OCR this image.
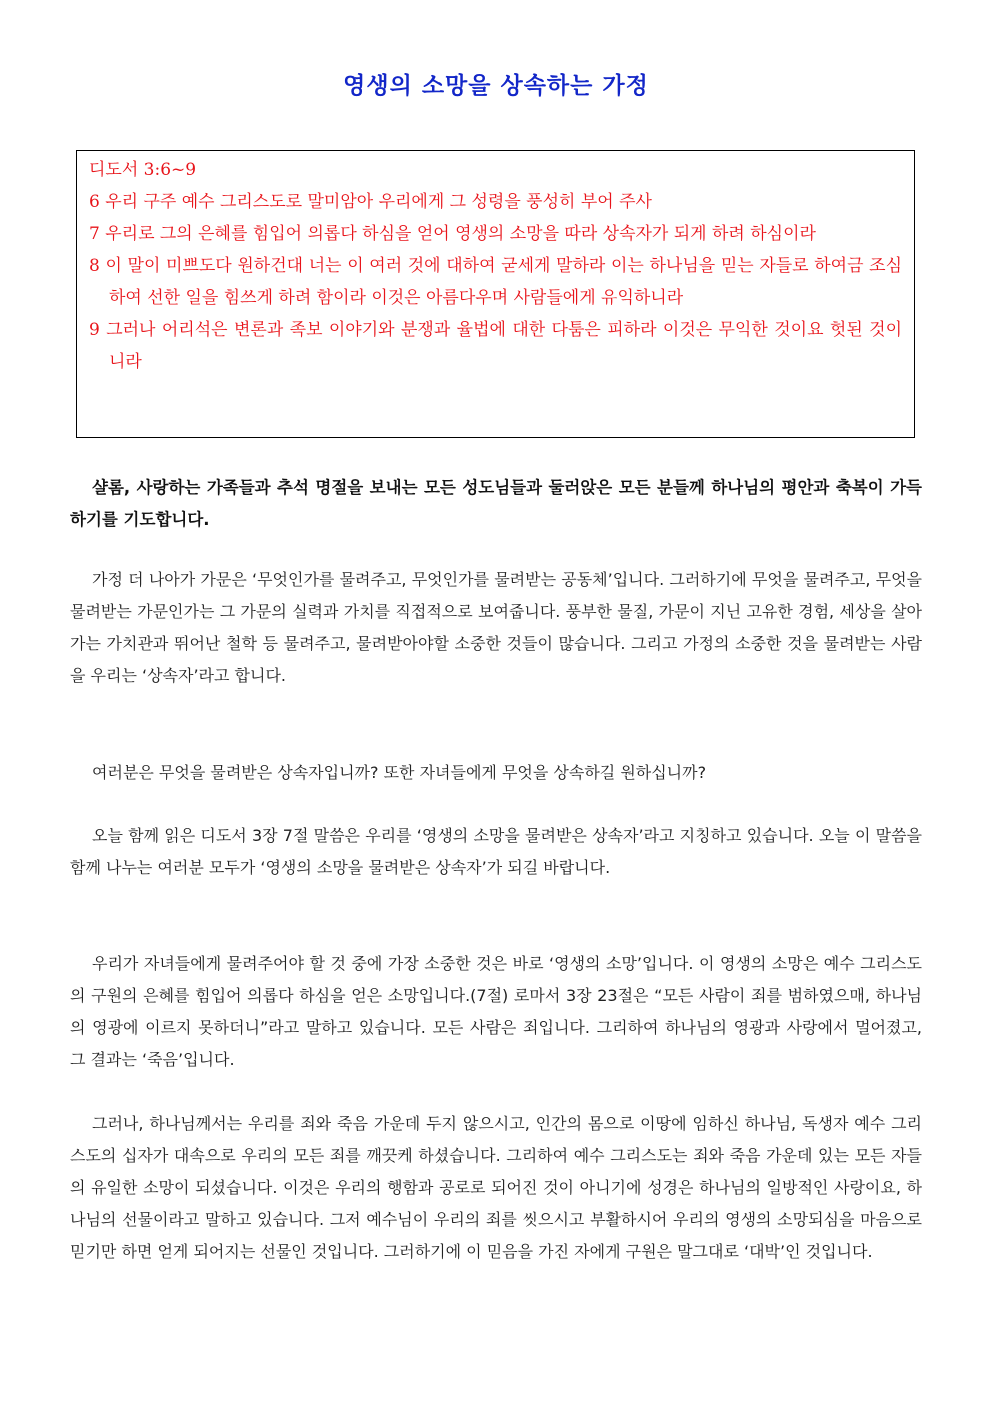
영생의 소망을 상속하는 가정
디도서 3:6~9
6 우리 구주 예수 그리스도로 말미암아 우리에게 그 성령을 풍성히 부어 주사
7 우리로 그의 은혜를 힘입어 의롭다 하심을 얻어 영생의 소망을 따라 상속자가 되게 하려 하심이라
8 이 말이 미쁘도다 원하건대 너는 이 여러 것에 대하여 굳세게 말하라 이는 하나님을 믿는 자들로 하여금 조심하여 선한 일을 힘쓰게 하려 함이라 이것은 아름다우며 사람들에게 유익하니라
9 그러나 어리석은 변론과 족보 이야기와 분쟁과 율법에 대한 다툼은 피하라 이것은 무익한 것이요 헛된 것이니라

샬롬, 사랑하는 가족들과 추석 명절을 보내는 모든 성도님들과 둘러앉은 모든 분들께 하나님의 평안과 축복이 가득하기를 기도합니다.

가정 더 나아가 가문은 ‘무엇인가를 물려주고, 무엇인가를 물려받는 공동체’입니다. 그러하기에 무엇을 물려주고, 무엇을 물려받는 가문인가는 그 가문의 실력과 가치를 직접적으로 보여줍니다. 풍부한 물질, 가문이 지닌 고유한 경험, 세상을 살아가는 가치관과 뛰어난 철학 등 물려주고, 물려받아야할 소중한 것들이 많습니다. 그리고 가정의 소중한 것을 물려받는 사람을 우리는 ‘상속자’라고 합니다.

여러분은 무엇을 물려받은 상속자입니까? 또한 자녀들에게 무엇을 상속하길 원하십니까?

오늘 함께 읽은 디도서 3장 7절 말씀은 우리를 ‘영생의 소망을 물려받은 상속자’라고 지칭하고 있습니다. 오늘 이 말씀을 함께 나누는 여러분 모두가 ‘영생의 소망을 물려받은 상속자’가 되길 바랍니다.

우리가 자녀들에게 물려주어야 할 것 중에 가장 소중한 것은 바로 ‘영생의 소망’입니다. 이 영생의 소망은 예수 그리스도의 구원의 은혜를 힘입어 의롭다 하심을 얻은 소망입니다.(7절) 로마서 3장 23절은 “모든 사람이 죄를 범하였으매, 하나님의 영광에 이르지 못하더니”라고 말하고 있습니다. 모든 사람은 죄입니다. 그리하여 하나님의 영광과 사랑에서 멀어졌고, 그 결과는 ‘죽음’입니다.

그러나, 하나님께서는 우리를 죄와 죽음 가운데 두지 않으시고, 인간의 몸으로 이땅에 임하신 하나님, 독생자 예수 그리스도의 십자가 대속으로 우리의 모든 죄를 깨끗케 하셨습니다. 그리하여 예수 그리스도는 죄와 죽음 가운데 있는 모든 자들의 유일한 소망이 되셨습니다. 이것은 우리의 행함과 공로로 되어진 것이 아니기에 성경은 하나님의 일방적인 사랑이요, 하나님의 선물이라고 말하고 있습니다. 그저 예수님이 우리의 죄를 씻으시고 부활하시어 우리의 영생의 소망되심을 마음으로 믿기만 하면 얻게 되어지는 선물인 것입니다. 그러하기에 이 믿음을 가진 자에게 구원은 말그대로 ‘대박’인 것입니다.
